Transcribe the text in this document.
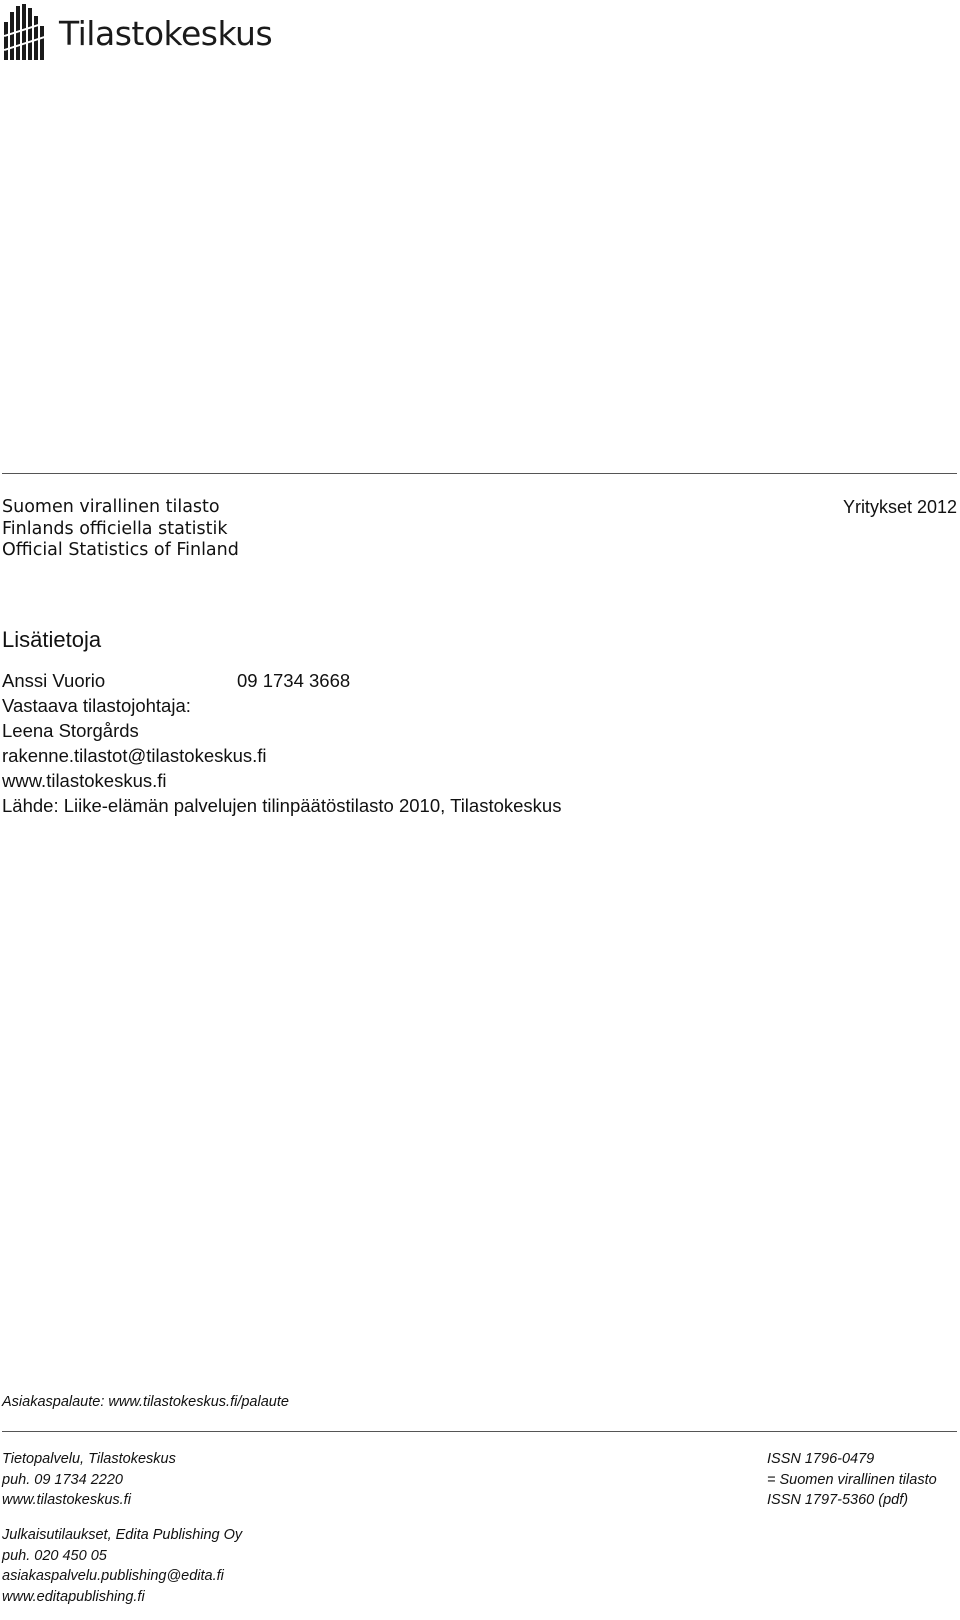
Tilastokeskus
Suomen virallinen tilasto
Finlands officiella statistik
Official Statistics of Finland
Yritykset 2012
Lisätietoja
Anssi Vuorio	09 1734 3668
Vastaava tilastojohtaja:
Leena Storgårds
rakenne.tilastot@tilastokeskus.fi
www.tilastokeskus.fi
Lähde: Liike-elämän palvelujen tilinpäätöstilasto 2010, Tilastokeskus
Asiakaspalaute: www.tilastokeskus.fi/palaute
Tietopalvelu, Tilastokeskus
puh. 09 1734 2220
www.tilastokeskus.fi
ISSN 1796-0479
= Suomen virallinen tilasto
ISSN 1797-5360 (pdf)
Julkaisutilaukset, Edita Publishing Oy
puh. 020 450 05
asiakaspalvelu.publishing@edita.fi
www.editapublishing.fi
